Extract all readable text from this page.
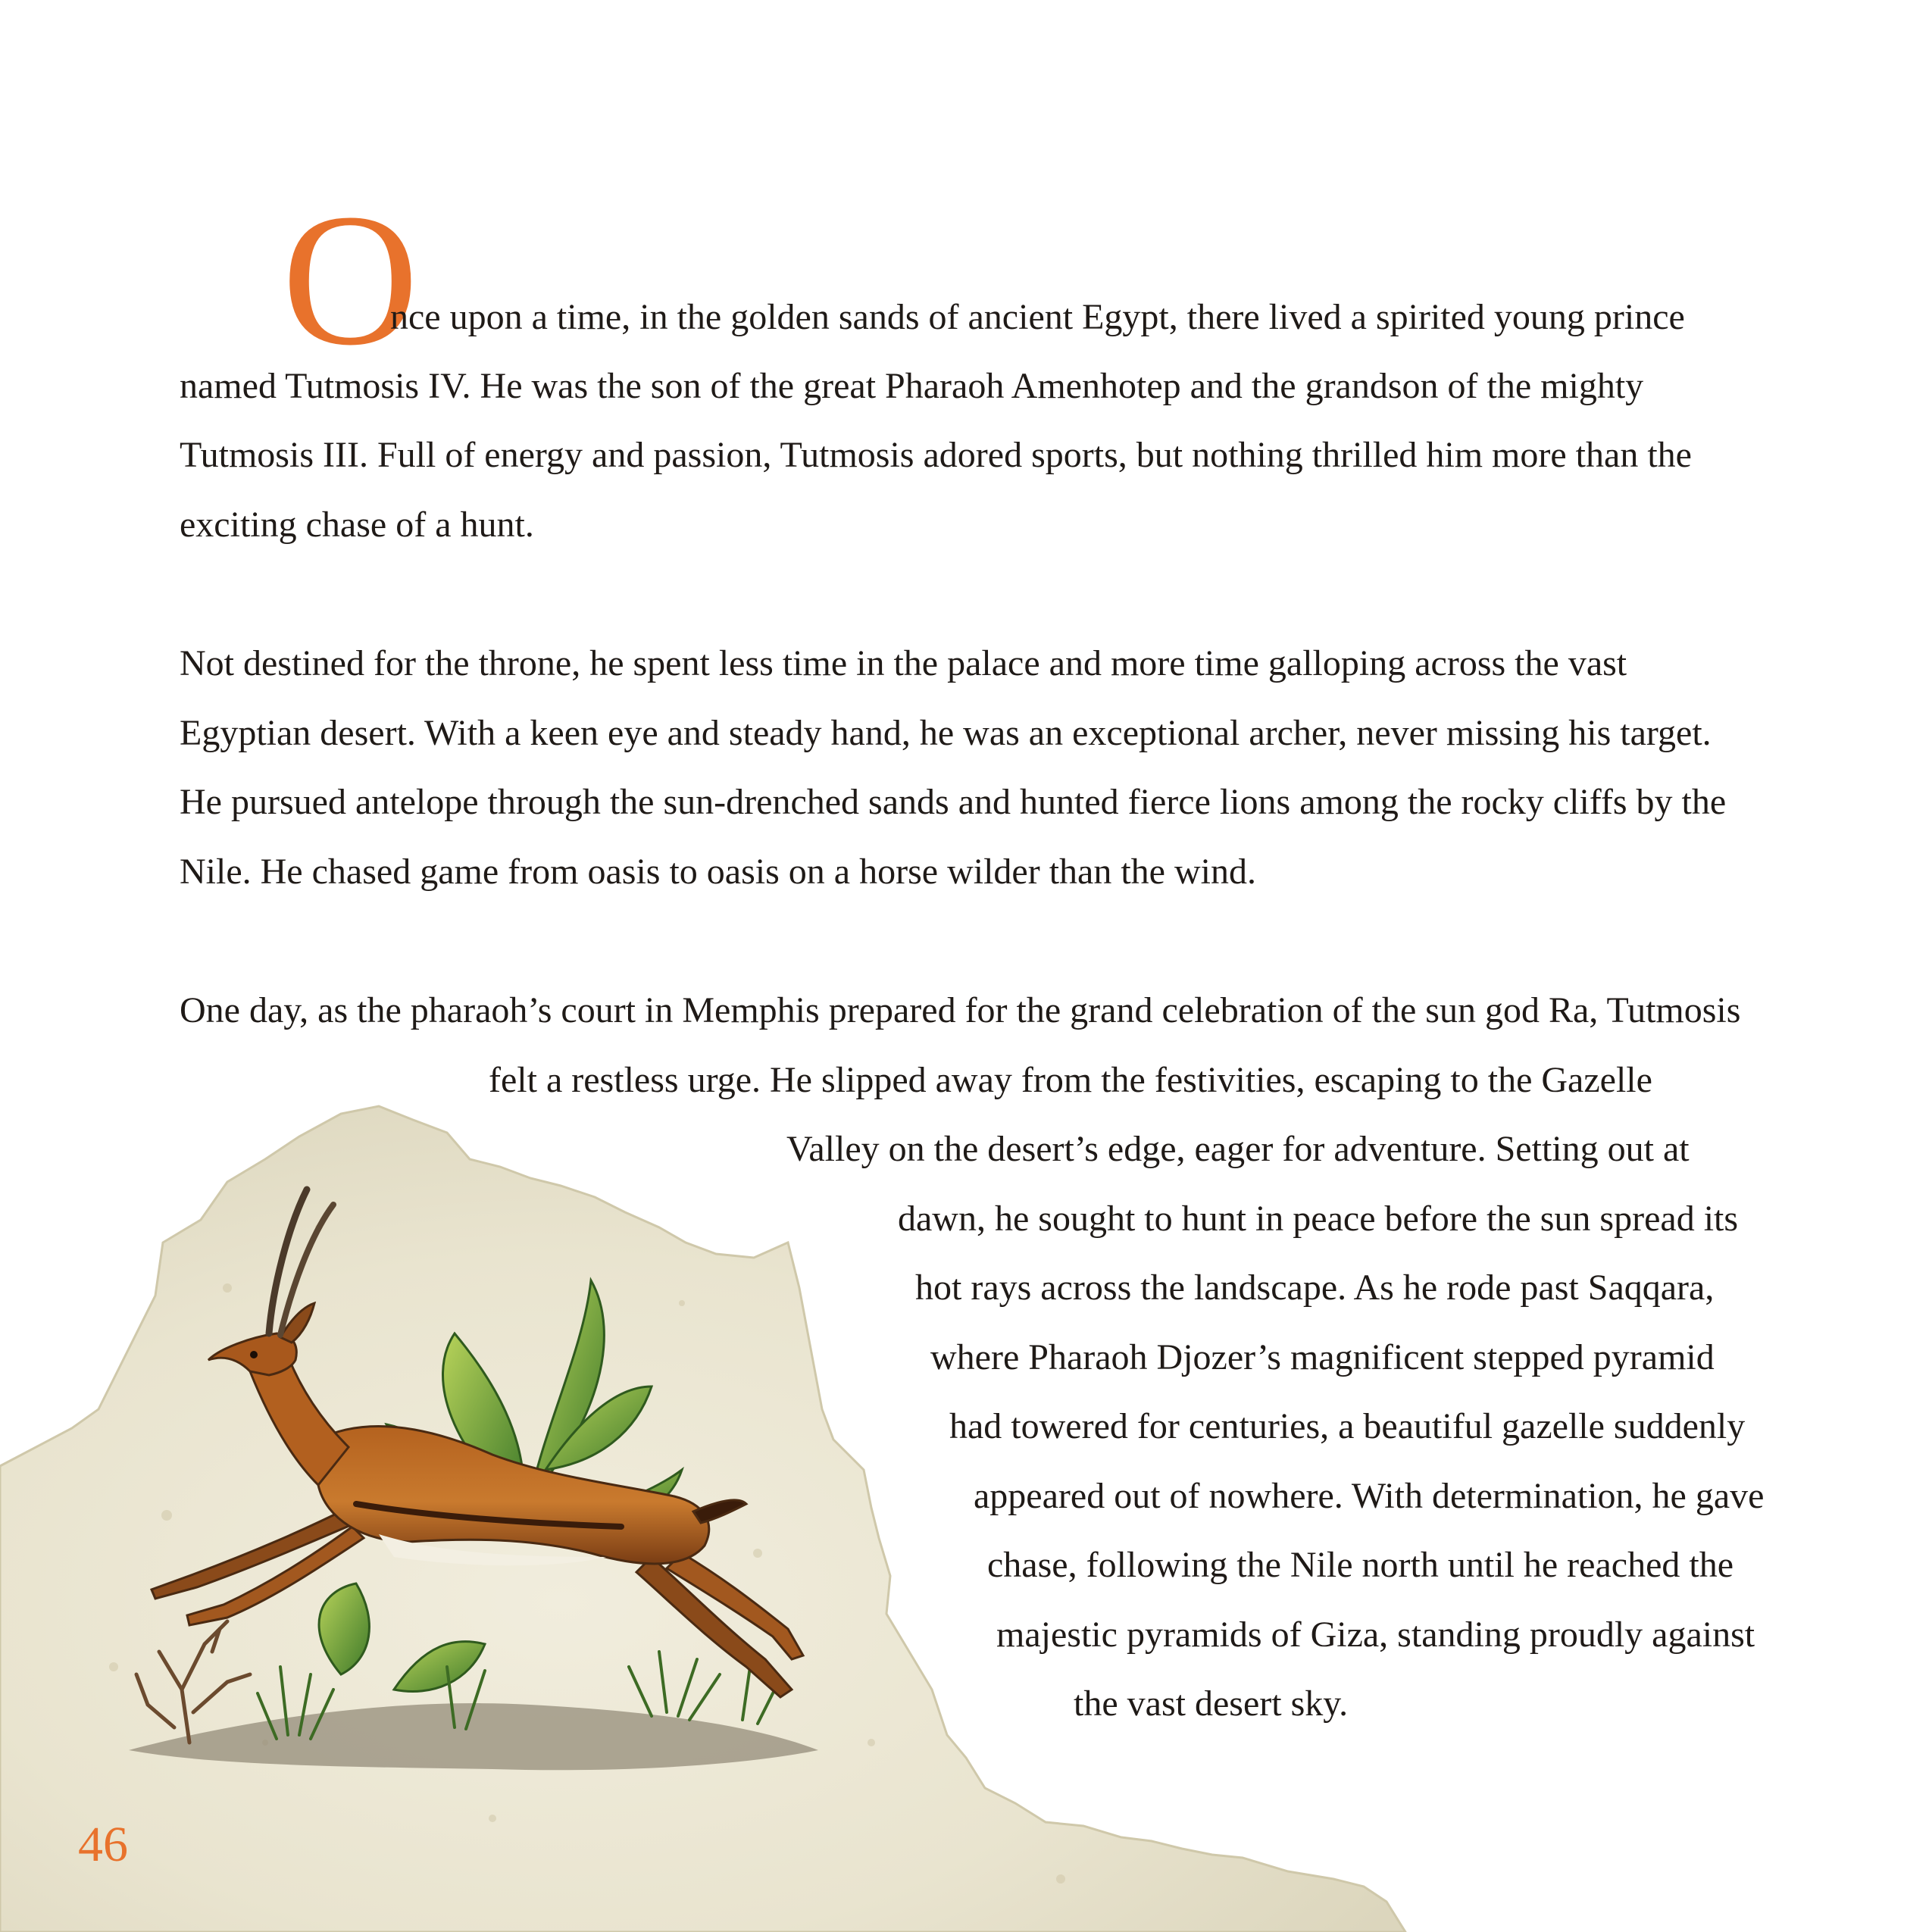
O
nce upon a time, in the golden sands of ancient Egypt, there lived a spirited young prince
named Tutmosis IV. He was the son of the great Pharaoh Amenhotep and the grandson of the mighty
Tutmosis III. Full of energy and passion, Tutmosis adored sports, but nothing thrilled him more than the
exciting chase of a hunt.
Not destined for the throne, he spent less time in the palace and more time galloping across the vast
Egyptian desert. With a keen eye and steady hand, he was an exceptional archer, never missing his target.
He pursued antelope through the sun-drenched sands and hunted fierce lions among the rocky cliffs by the
Nile. He chased game from oasis to oasis on a horse wilder than the wind.
One day, as the pharaoh’s court in Memphis prepared for the grand celebration of the sun god Ra, Tutmosis
felt a restless urge. He slipped away from the festivities, escaping to the Gazelle
Valley on the desert’s edge, eager for adventure. Setting out at
dawn, he sought to hunt in peace before the sun spread its
hot rays across the landscape. As he rode past Saqqara,
where Pharaoh Djozer’s magnificent stepped pyramid
had towered for centuries, a beautiful gazelle suddenly
appeared out of nowhere. With determination, he gave
chase, following the Nile north until he reached the
majestic pyramids of Giza, standing proudly against
the vast desert sky.
46
